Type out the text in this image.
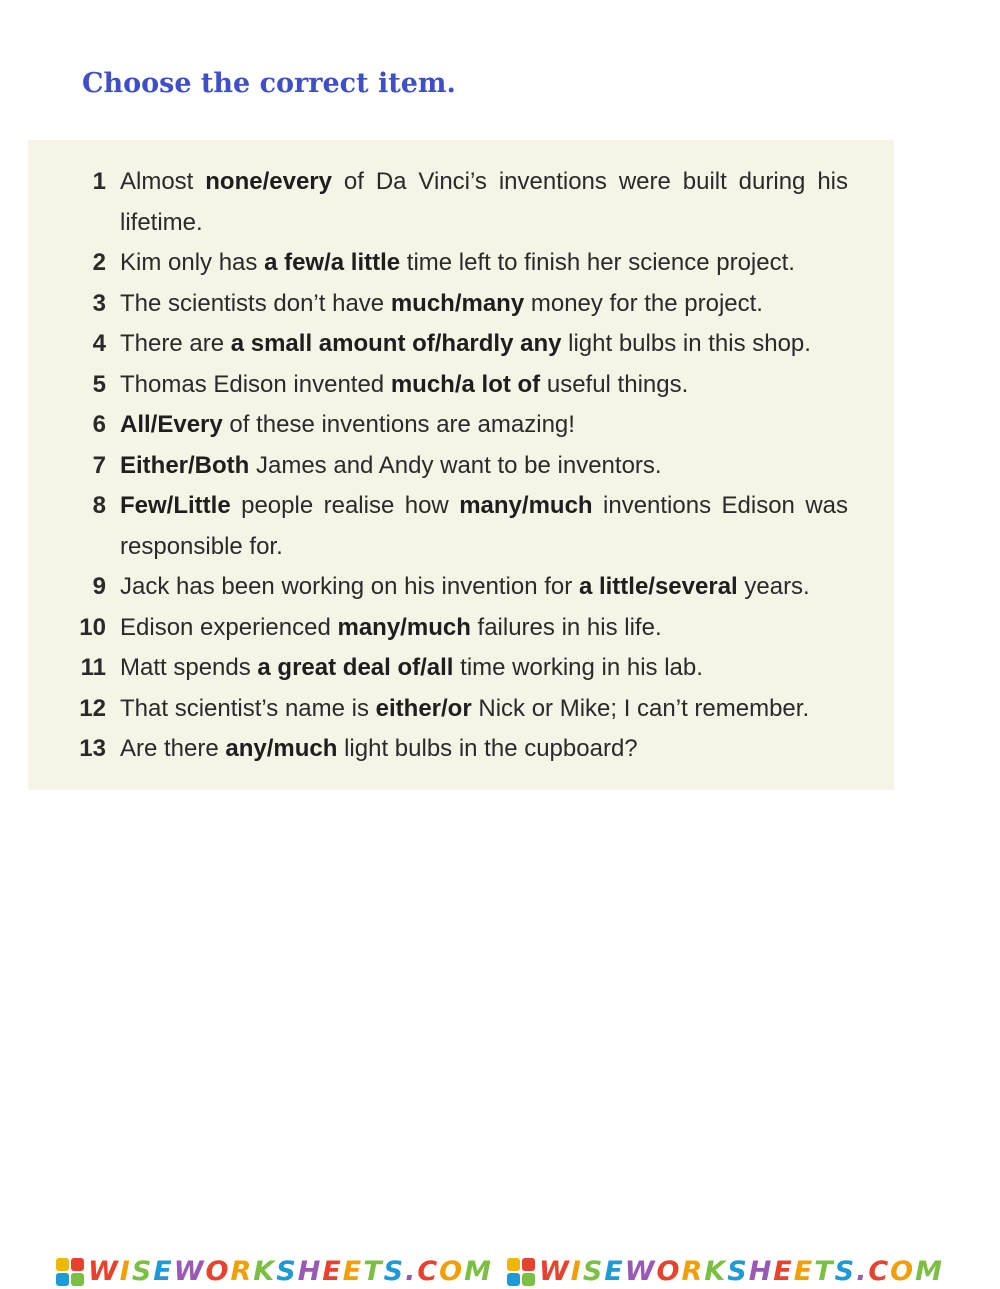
Choose the correct item.
1 Almost none/every of Da Vinci’s inventions were built during his lifetime.
2 Kim only has a few/a little time left to finish her science project.
3 The scientists don’t have much/many money for the project.
4 There are a small amount of/hardly any light bulbs in this shop.
5 Thomas Edison invented much/a lot of useful things.
6 All/Every of these inventions are amazing!
7 Either/Both James and Andy want to be inventors.
8 Few/Little people realise how many/much inventions Edison was responsible for.
9 Jack has been working on his invention for a little/several years.
10 Edison experienced many/much failures in his life.
11 Matt spends a great deal of/all time working in his lab.
12 That scientist’s name is either/or Nick or Mike; I can’t remember.
13 Are there any/much light bulbs in the cupboard?
WISEWORKSHEETS.COM WISEWORKSHEETS.COM
